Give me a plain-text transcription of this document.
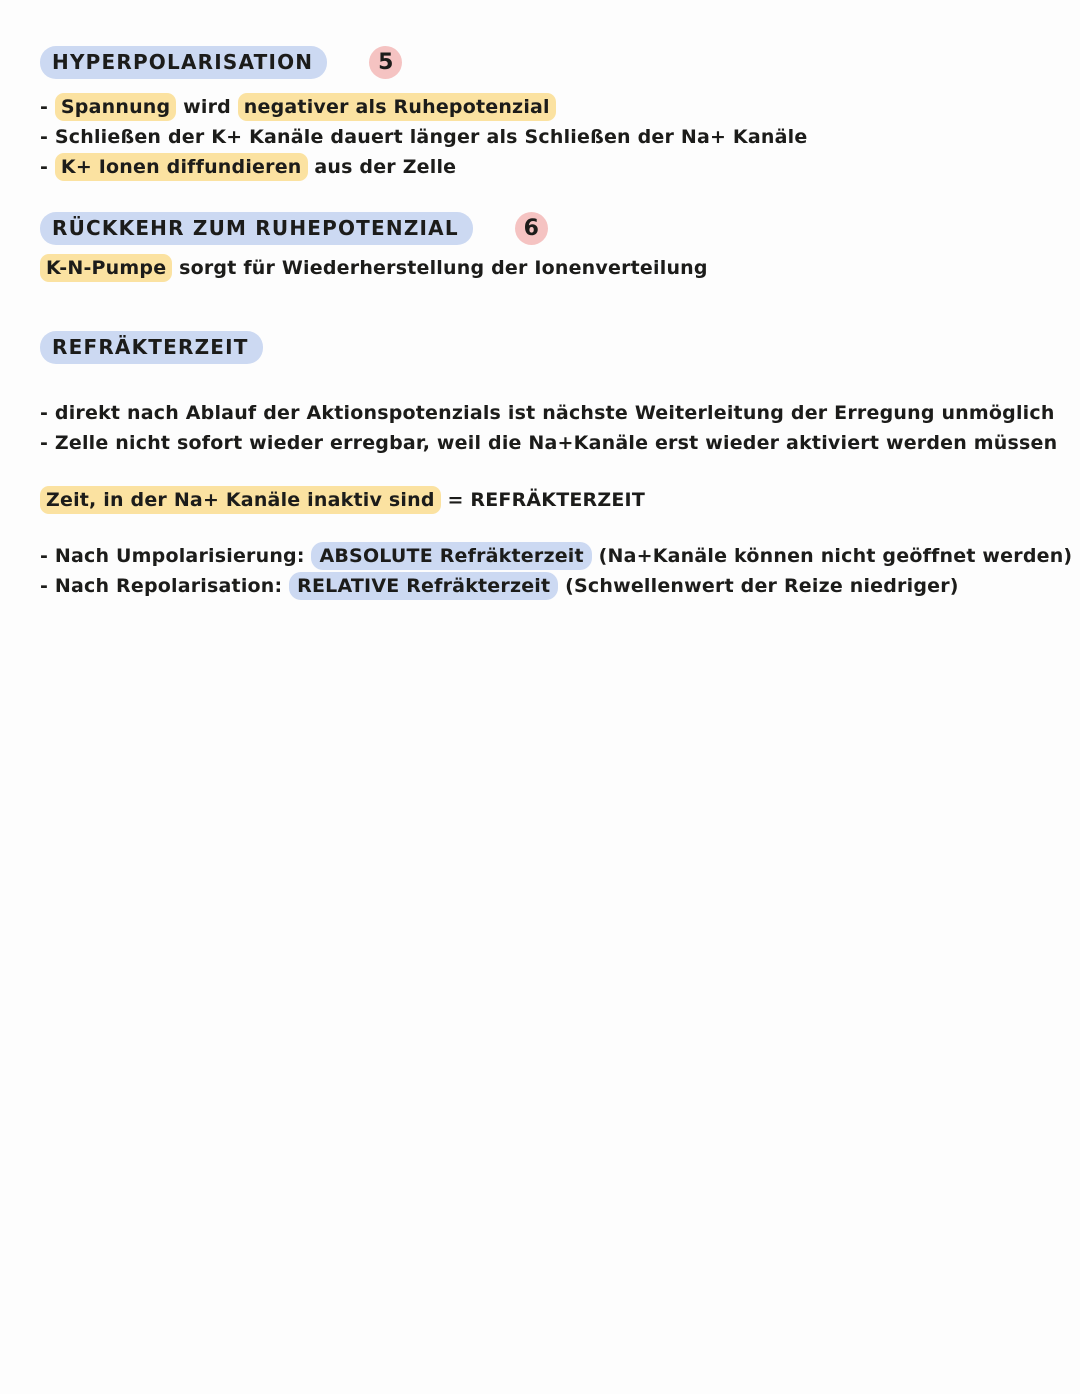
HYPERPOLARISATION	5

- Spannung wird negativer als Ruhepotenzial

- Schließen der K+ Kanäle dauert länger als Schließen der Na+ Kanäle

- K+ Ionen diffundieren aus der Zelle

RÜCKKEHR ZUM RUHEPOTENZIAL	6

K-N-Pumpe sorgt für Wiederherstellung der Ionenverteilung

REFRÄKTERZEIT

- direkt nach Ablauf der Aktionspotenzials ist nächste Weiterleitung der Erregung unmöglich

- Zelle nicht sofort wieder erregbar, weil die Na+Kanäle erst wieder aktiviert werden müssen

Zeit, in der Na+ Kanäle inaktiv sind = REFRÄKTERZEIT

- Nach Umpolarisierung: ABSOLUTE Refräkterzeit (Na+Kanäle können nicht geöffnet werden)

- Nach Repolarisation: RELATIVE Refräkterzeit (Schwellenwert der Reize niedriger)
